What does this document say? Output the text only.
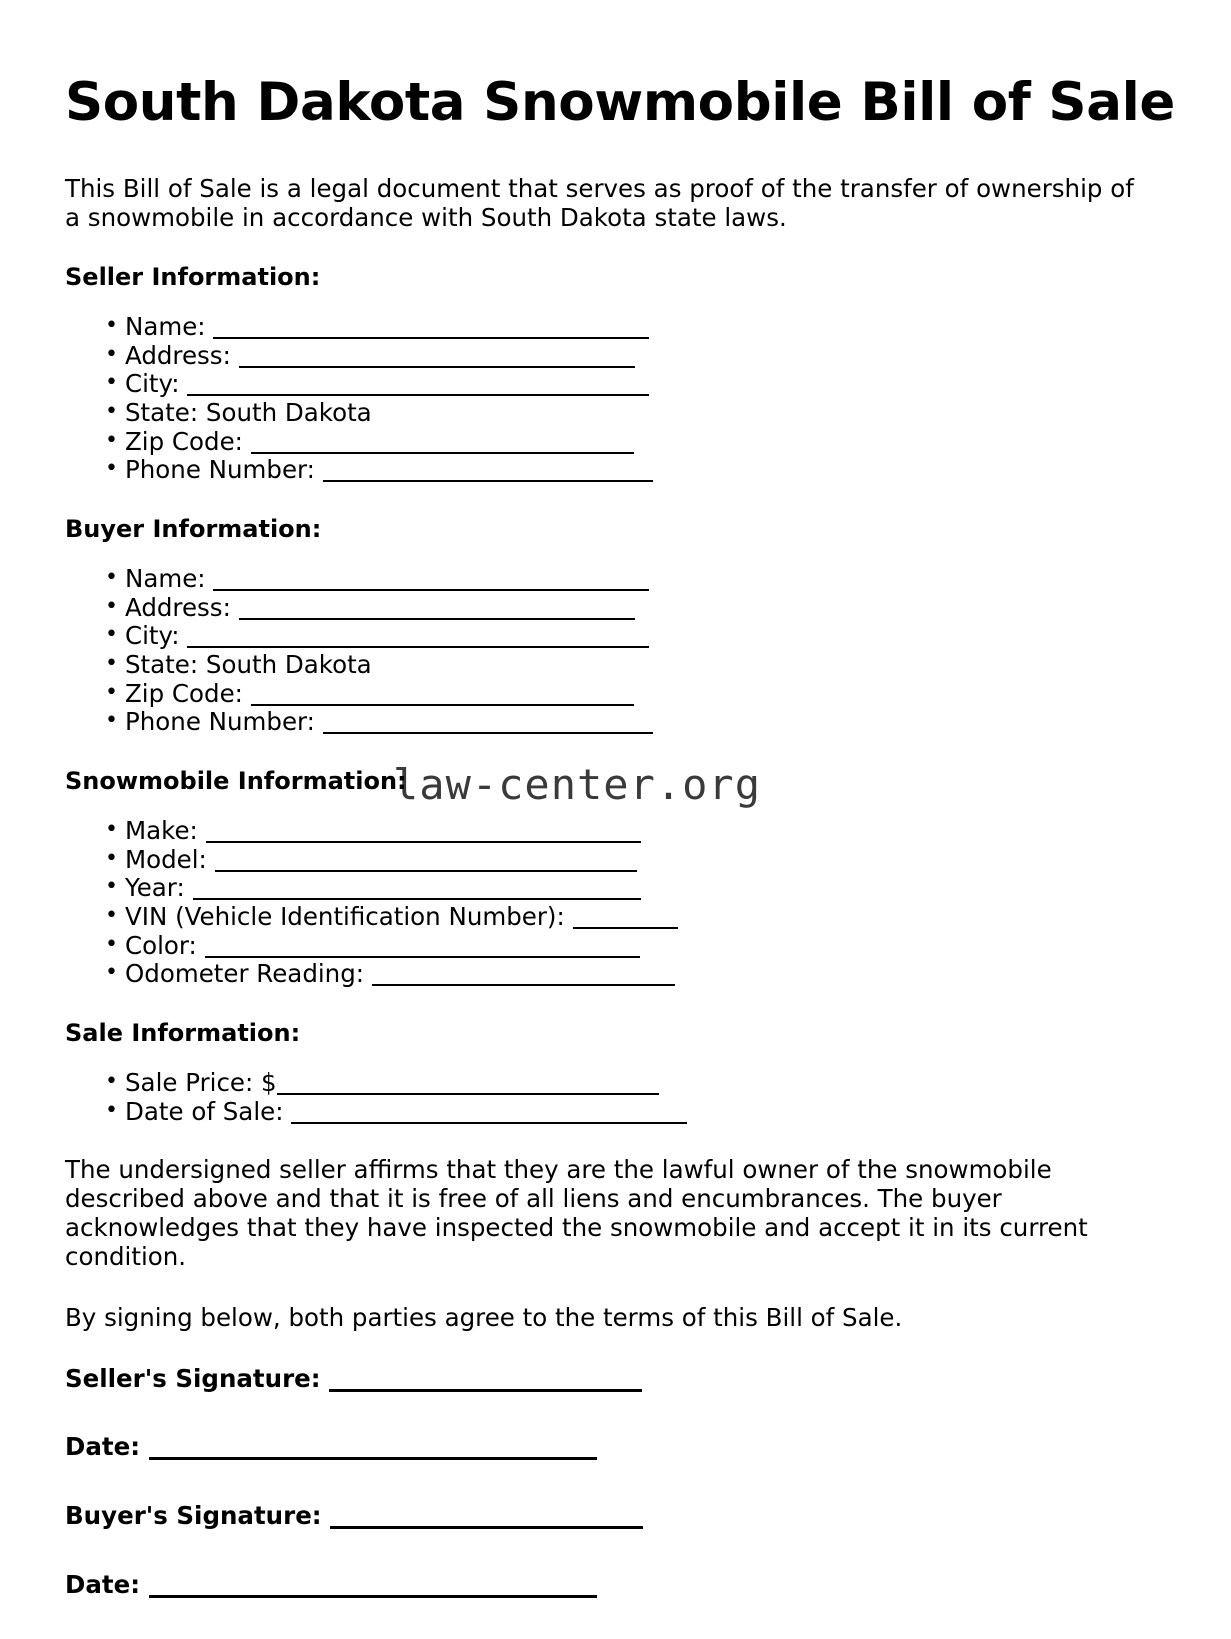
law-center.org
South Dakota Snowmobile Bill of Sale

This Bill of Sale is a legal document that serves as proof of the transfer of ownership of a snowmobile in accordance with South Dakota state laws.

Seller Information:
• Name:
• Address:
• City:
• State: South Dakota
• Zip Code:
• Phone Number:
Buyer Information:
• Name:
• Address:
• City:
• State: South Dakota
• Zip Code:
• Phone Number:
Snowmobile Information:
• Make:
• Model:
• Year:
• VIN (Vehicle Identification Number):
• Color:
• Odometer Reading:
Sale Information:
• Sale Price: $
• Date of Sale:

The undersigned seller affirms that they are the lawful owner of the snowmobile described above and that it is free of all liens and encumbrances. The buyer acknowledges that they have inspected the snowmobile and accept it in its current condition.

By signing below, both parties agree to the terms of this Bill of Sale.

Seller's Signature:
Date:
Buyer's Signature:
Date:
